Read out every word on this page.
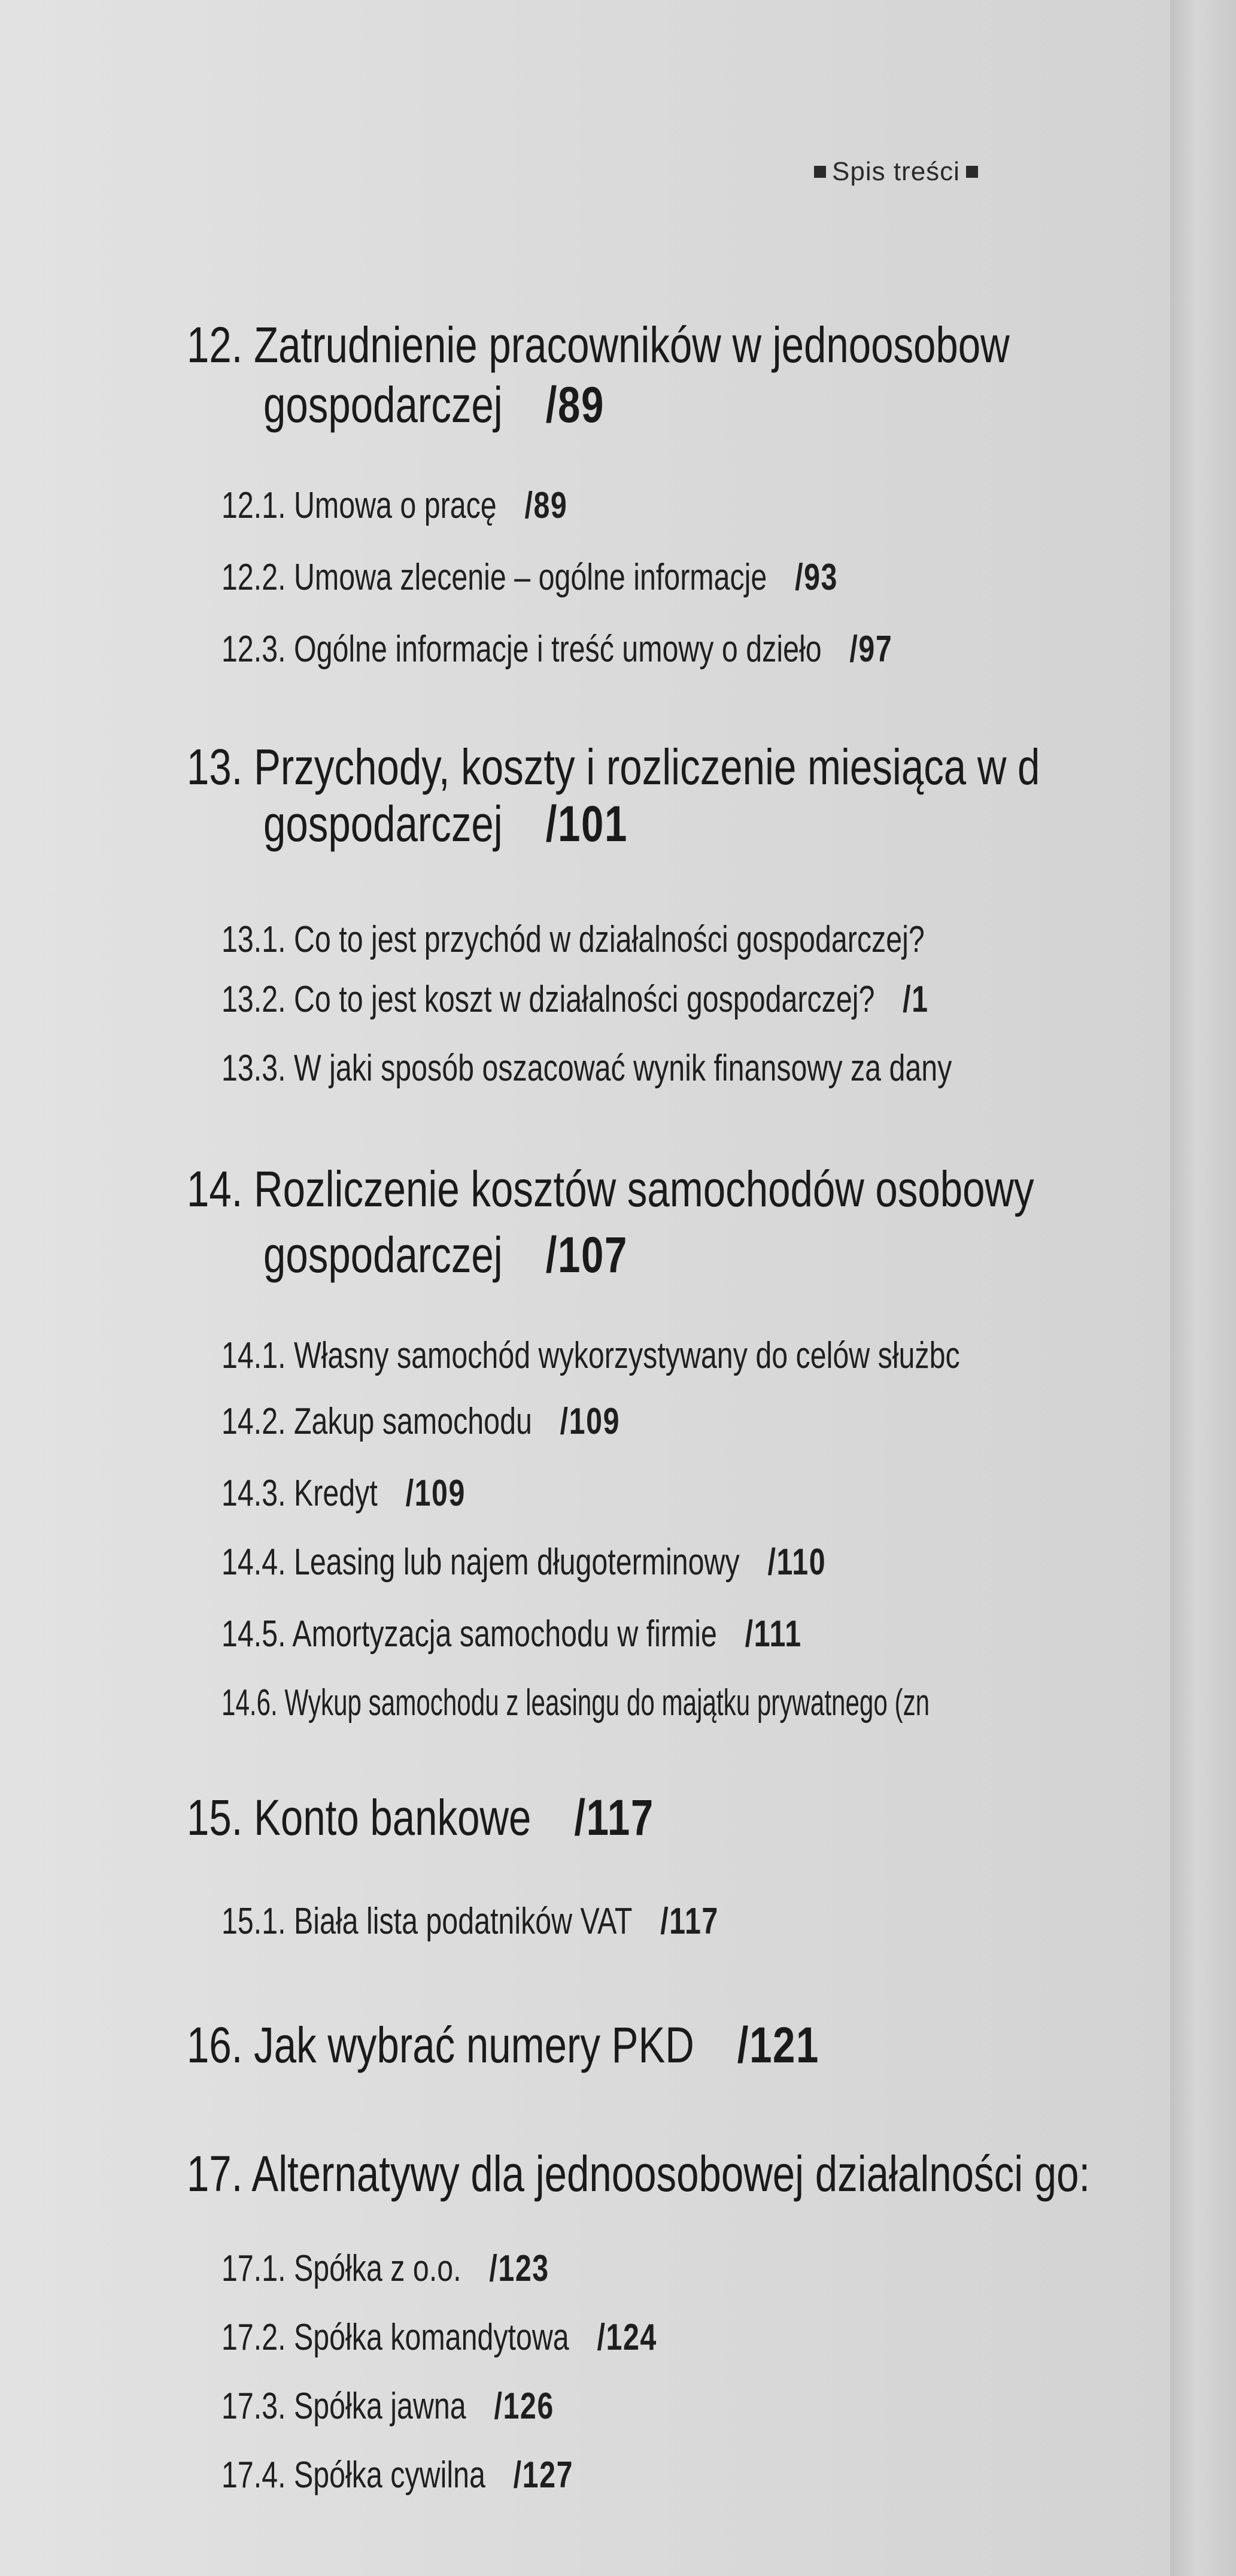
Spis treści
12. Zatrudnienie pracowników w jednoosobow
gospodarczej /89
12.1. Umowa o pracę /89
12.2. Umowa zlecenie – ogólne informacje /93
12.3. Ogólne informacje i treść umowy o dzieło /97
13. Przychody, koszty i rozliczenie miesiąca w d
gospodarczej /101
13.1. Co to jest przychód w działalności gospodarczej?
13.2. Co to jest koszt w działalności gospodarczej? /1
13.3. W jaki sposób oszacować wynik finansowy za dany
14. Rozliczenie kosztów samochodów osobowy
gospodarczej /107
14.1. Własny samochód wykorzystywany do celów służbc
14.2. Zakup samochodu /109
14.3. Kredyt /109
14.4. Leasing lub najem długoterminowy /110
14.5. Amortyzacja samochodu w firmie /111
14.6. Wykup samochodu z leasingu do majątku prywatnego (zn
15. Konto bankowe /117
15.1. Biała lista podatników VAT /117
16. Jak wybrać numery PKD /121
17. Alternatywy dla jednoosobowej działalności go:
17.1. Spółka z o.o. /123
17.2. Spółka komandytowa /124
17.3. Spółka jawna /126
17.4. Spółka cywilna /127
